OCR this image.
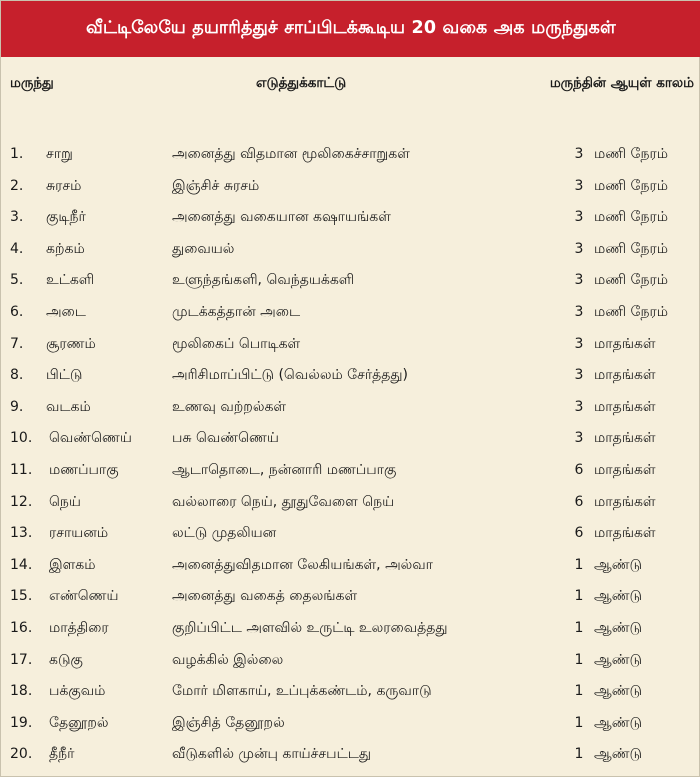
வீட்டிலேயே தயாரித்துச் சாப்பிடக்கூடிய 20 வகை அக மருந்துகள்
மருந்து	எடுத்துக்காட்டு	மருந்தின் ஆயுள் காலம்
1. சாறு	அனைத்து விதமான மூலிகைச்சாறுகள்	3 மணி நேரம்
2. சுரசம்	இஞ்சிச் சுரசம்	3 மணி நேரம்
3. குடிநீர்	அனைத்து வகையான கஷாயங்கள்	3 மணி நேரம்
4. கற்கம்	துவையல்	3 மணி நேரம்
5. உட்களி	உளுந்தங்களி, வெந்தயக்களி	3 மணி நேரம்
6. அடை	முடக்கத்தான் அடை	3 மணி நேரம்
7. சூரணம்	மூலிகைப் பொடிகள்	3 மாதங்கள்
8. பிட்டு	அரிசிமாப்பிட்டு (வெல்லம் சேர்த்தது)	3 மாதங்கள்
9. வடகம்	உணவு வற்றல்கள்	3 மாதங்கள்
10. வெண்ணெய்	பசு வெண்ணெய்	3 மாதங்கள்
11. மணப்பாகு	ஆடாதொடை, நன்னாரி மணப்பாகு	6 மாதங்கள்
12. நெய்	வல்லாரை நெய், தூதுவேளை நெய்	6 மாதங்கள்
13. ரசாயனம்	லட்டு முதலியன	6 மாதங்கள்
14. இளகம்	அனைத்துவிதமான லேகியங்கள், அல்வா	1 ஆண்டு
15. எண்ணெய்	அனைத்து வகைத் தைலங்கள்	1 ஆண்டு
16. மாத்திரை	குறிப்பிட்ட அளவில் உருட்டி உலரவைத்தது	1 ஆண்டு
17. கடுகு	வழக்கில் இல்லை	1 ஆண்டு
18. பக்குவம்	மோர் மிளகாய், உப்புக்கண்டம், கருவாடு	1 ஆண்டு
19. தேனூறல்	இஞ்சித் தேனூறல்	1 ஆண்டு
20. தீநீர்	வீடுகளில் முன்பு காய்ச்சபட்டது	1 ஆண்டு
